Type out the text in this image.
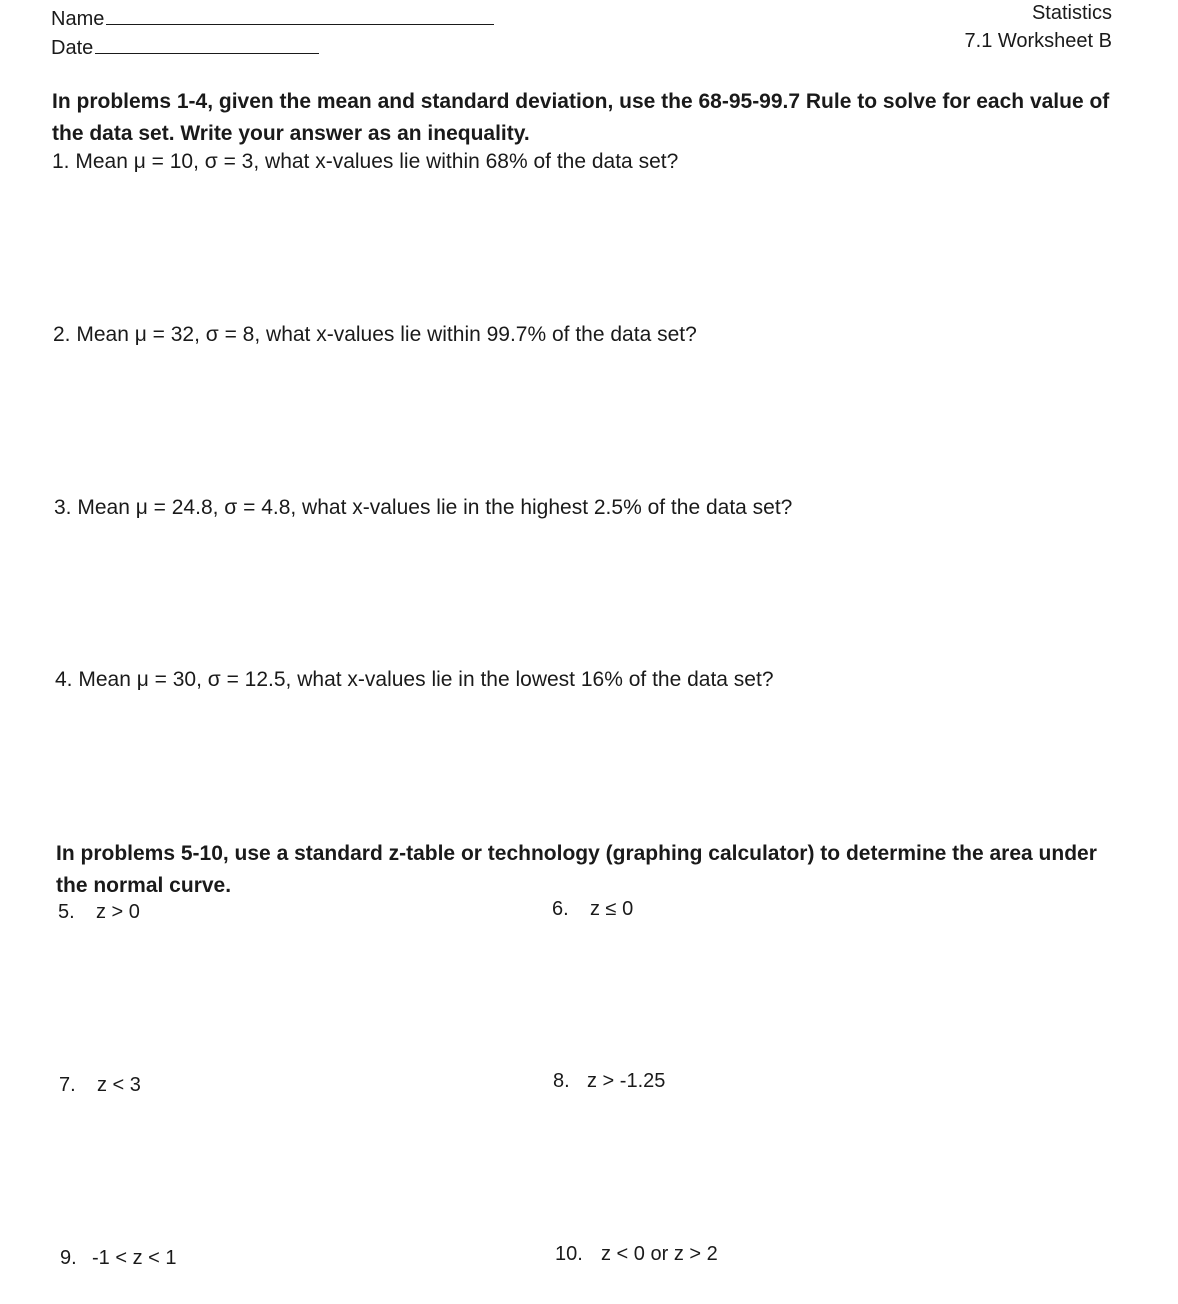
Name
Date
Statistics
7.1 Worksheet B
In problems 1-4, given the mean and standard deviation, use the 68-95-99.7 Rule to solve for each value of
the data set. Write your answer as an inequality.
1. Mean μ = 10, σ = 3, what x-values lie within 68% of the data set?
2. Mean μ = 32, σ = 8, what x-values lie within 99.7% of the data set?
3. Mean μ = 24.8, σ = 4.8, what x-values lie in the highest 2.5% of the data set?
4. Mean μ = 30, σ = 12.5, what x-values lie in the lowest 16% of the data set?
In problems 5-10, use a standard z-table or technology (graphing calculator) to determine the area under
the normal curve.
5. z > 0	6. z ≤ 0
7. z < 3	8. z > -1.25
9. -1 < z < 1	10. z < 0 or z > 2
